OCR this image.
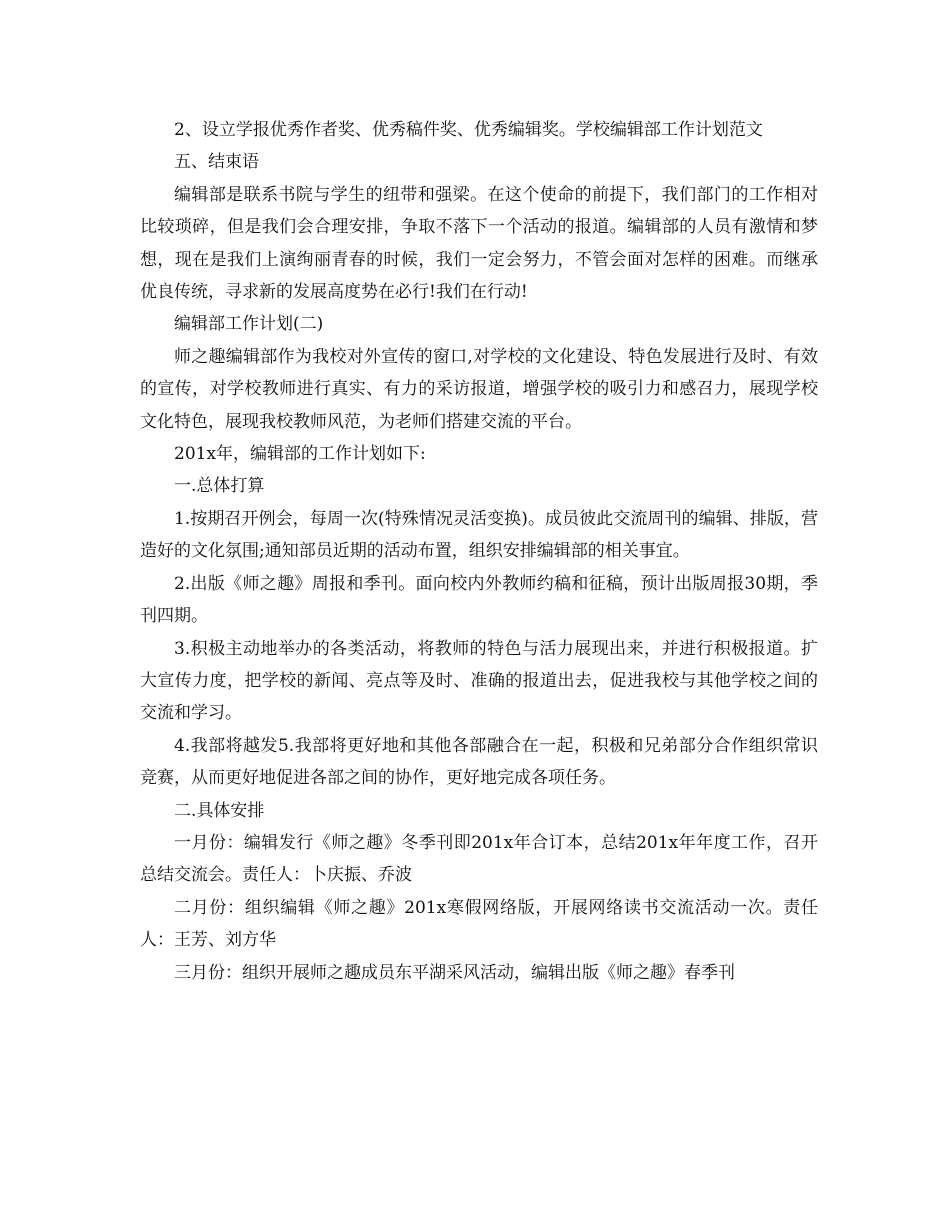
2、设立学报优秀作者奖、优秀稿件奖、优秀编辑奖。学校编辑部工作计划范文

五、结束语

编辑部是联系书院与学生的纽带和强梁。在这个使命的前提下，我们部门的工作相对比较琐碎，但是我们会合理安排，争取不落下一个活动的报道。编辑部的人员有激情和梦想，现在是我们上演绚丽青春的时候，我们一定会努力，不管会面对怎样的困难。而继承优良传统，寻求新的发展高度势在必行!我们在行动!

编辑部工作计划(二)

师之趣编辑部作为我校对外宣传的窗口,对学校的文化建设、特色发展进行及时、有效的宣传，对学校教师进行真实、有力的采访报道，增强学校的吸引力和感召力，展现学校文化特色，展现我校教师风范，为老师们搭建交流的平台。

201x年，编辑部的工作计划如下:

一.总体打算

1.按期召开例会，每周一次(特殊情况灵活变换)。成员彼此交流周刊的编辑、排版，营造好的文化氛围;通知部员近期的活动布置，组织安排编辑部的相关事宜。

2.出版《师之趣》周报和季刊。面向校内外教师约稿和征稿，预计出版周报30期，季刊四期。

3.积极主动地举办的各类活动，将教师的特色与活力展现出来，并进行积极报道。扩大宣传力度，把学校的新闻、亮点等及时、准确的报道出去，促进我校与其他学校之间的交流和学习。

4.我部将越发5.我部将更好地和其他各部融合在一起，积极和兄弟部分合作组织常识竞赛，从而更好地促进各部之间的协作，更好地完成各项任务。

二.具体安排

一月份：编辑发行《师之趣》冬季刊即201x年合订本，总结201x年年度工作，召开总结交流会。责任人：卜庆振、乔波

二月份：组织编辑《师之趣》201x寒假网络版，开展网络读书交流活动一次。责任人：王芳、刘方华

三月份：组织开展师之趣成员东平湖采风活动，编辑出版《师之趣》春季刊
